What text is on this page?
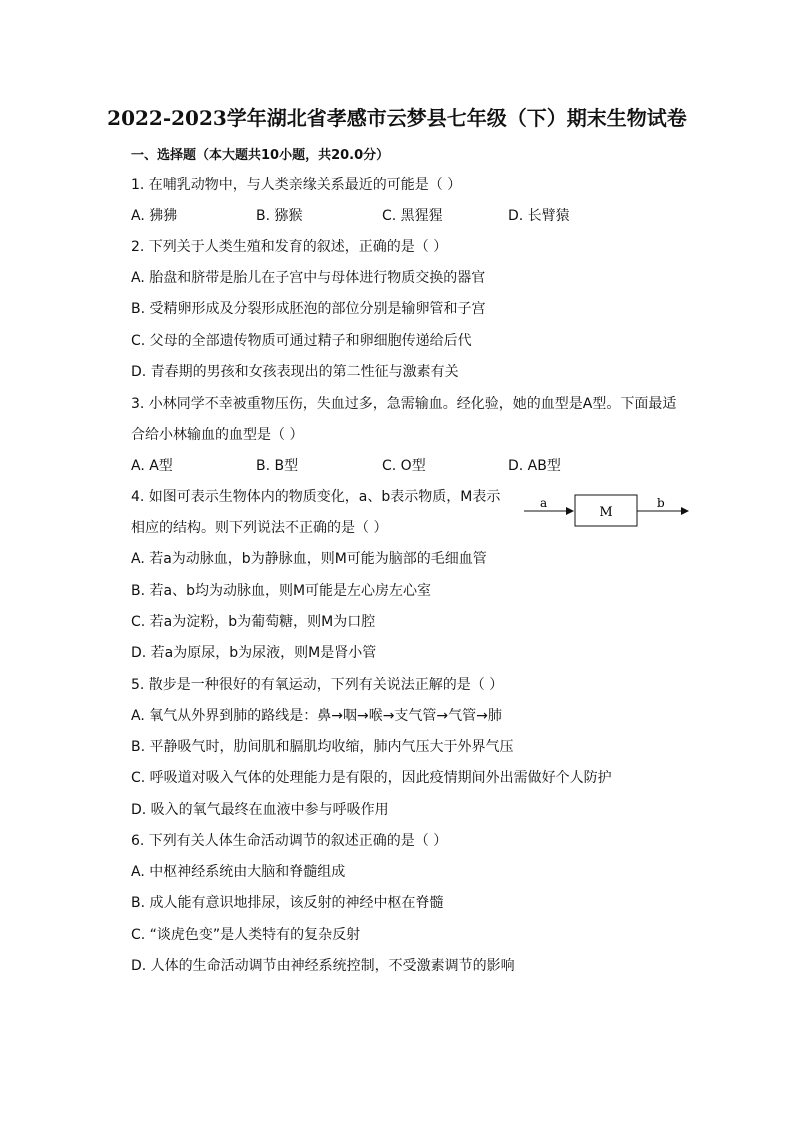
2022-2023学年湖北省孝感市云梦县七年级（下）期末生物试卷
一、选择题（本大题共10小题，共20.0分）
1. 在哺乳动物中，与人类亲缘关系最近的可能是（ ）
A. 狒狒	B. 猕猴	C. 黑猩猩	D. 长臂猿
2. 下列关于人类生殖和发育的叙述，正确的是（ ）
A. 胎盘和脐带是胎儿在子宫中与母体进行物质交换的器官
B. 受精卵形成及分裂形成胚泡的部位分别是输卵管和子宫
C. 父母的全部遗传物质可通过精子和卵细胞传递给后代
D. 青春期的男孩和女孩表现出的第二性征与激素有关
3. 小林同学不幸被重物压伤，失血过多，急需输血。经化验，她的血型是A型。下面最适
合给小林输血的血型是（ ）
A. A型	B. B型	C. O型	D. AB型
4. 如图可表示生物体内的物质变化，a、b表示物质，M表示
相应的结构。则下列说法不正确的是（ ）
a
M
b
A. 若a为动脉血，b为静脉血，则M可能为脑部的毛细血管
B. 若a、b均为动脉血，则M可能是左心房左心室
C. 若a为淀粉，b为葡萄糖，则M为口腔
D. 若a为原尿，b为尿液，则M是肾小管
5. 散步是一种很好的有氧运动，下列有关说法正解的是（ ）
A. 氧气从外界到肺的路线是：鼻→咽→喉→支气管→气管→肺
B. 平静吸气时，肋间肌和膈肌均收缩，肺内气压大于外界气压
C. 呼吸道对吸入气体的处理能力是有限的，因此疫情期间外出需做好个人防护
D. 吸入的氧气最终在血液中参与呼吸作用
6. 下列有关人体生命活动调节的叙述正确的是（ ）
A. 中枢神经系统由大脑和脊髓组成
B. 成人能有意识地排尿，该反射的神经中枢在脊髓
C. “谈虎色变”是人类特有的复杂反射
D. 人体的生命活动调节由神经系统控制，不受激素调节的影响
